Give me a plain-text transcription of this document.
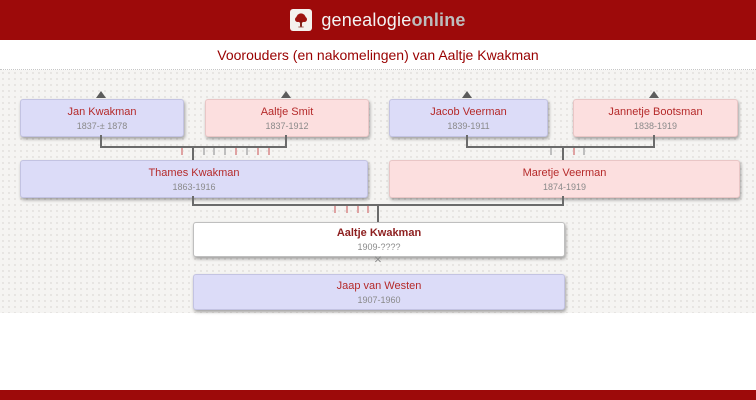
genealogieonline
Voorouders (en nakomelingen) van Aaltje Kwakman
Jan Kwakman
1837-± 1878
Aaltje Smit
1837-1912
Jacob Veerman
1839-1911
Jannetje Bootsman
1838-1919
Thames Kwakman
1863-1916
Maretje Veerman
1874-1919
Aaltje Kwakman
1909-????
✕
Jaap van Westen
1907-1960
